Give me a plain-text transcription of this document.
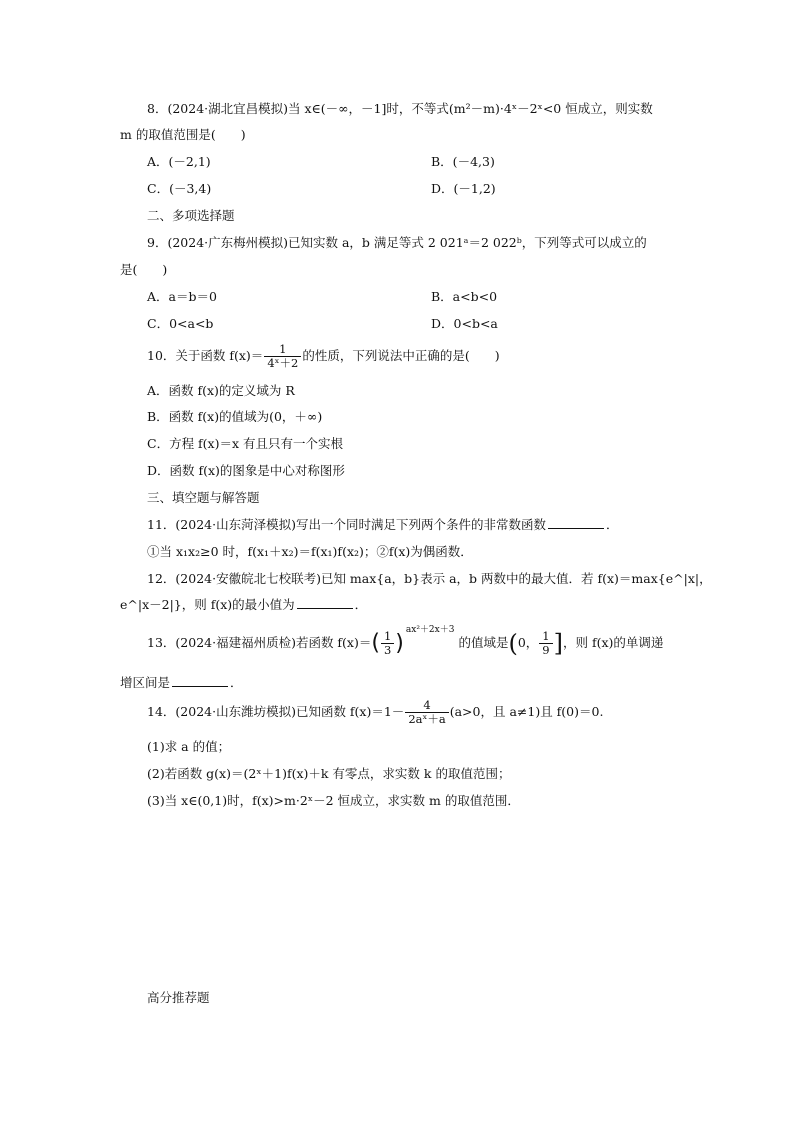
8．(2024·湖北宜昌模拟)当 x∈(－∞，－1]时，不等式(m²－m)·4ˣ－2ˣ<0 恒成立，则实数
m 的取值范围是(　　)
A．(－2,1)	B．(－4,3)
C．(－3,4)	D．(－1,2)
二、多项选择题
9．(2024·广东梅州模拟)已知实数 a，b 满足等式 2 021ᵃ＝2 022ᵇ，下列等式可以成立的
是(　　)
A．a＝b＝0	B．a<b<0
C．0<a<b	D．0<b<a
10．关于函数 $f(x)= \frac{1}{\text{4ˣ＋2}}$ 的性质，下列说法中正确的是(　　)
A．函数 f(x)的定义域为 R
B．函数 f(x)的值域为(0，＋∞)
C．方程 f(x)＝x 有且只有一个实根
D．函数 f(x)的图象是中心对称图形
三、填空题与解答题
11．(2024·山东菏泽模拟)写出一个同时满足下列两个条件的非常数函数	．
①当 x₁x₂≥0 时，f(x₁＋x₂)＝f(x₁)f(x₂)；②f(x)为偶函数．
12．(2024·安徽皖北七校联考)已知 max{a，b}表示 a，b 两数中的最大值．若 f(x)＝max{e^|x|，
e^|x－2|}，则 f(x)的最小值为	．
13．(2024·福建福州质检)若函数 $f(x)=( \frac{1}{3} )^{ax^2+2x+3}$的值域是(0， $\frac{1}{9}$ ]，则 f(x)的单调递
增区间是	．
14．(2024·山东潍坊模拟)已知函数 $f(x)=1- \frac{4}{\text{2aˣ＋a}} (a>0$，且 a≠1)且 f(0)＝0.
(1)求 a 的值；
(2)若函数 g(x)＝(2ˣ＋1)f(x)＋k 有零点，求实数 k 的取值范围；
(3)当 x∈(0,1)时，f(x)>m·2ˣ－2 恒成立，求实数 m 的取值范围．
高分推荐题
